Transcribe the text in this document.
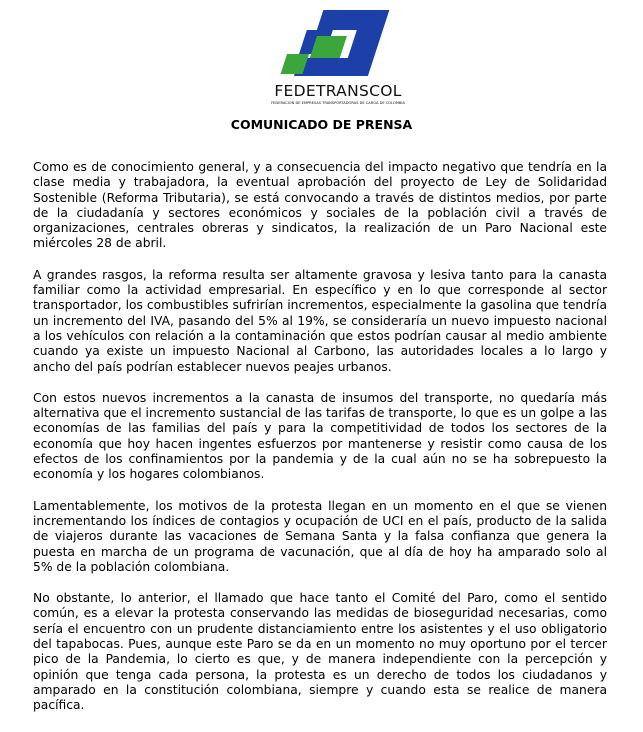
FEDETRANSCOL
FEDERACIÓN DE EMPRESAS TRANSPORTADORAS DE CARGA DE COLOMBIA
COMUNICADO DE PRENSA

Como es de conocimiento general, y a consecuencia del impacto negativo que tendría en la clase media y trabajadora, la eventual aprobación del proyecto de Ley de Solidaridad Sostenible (Reforma Tributaria), se está convocando a través de distintos medios, por parte de la ciudadanía y sectores económicos y sociales de la población civil a través de organizaciones, centrales obreras y sindicatos, la realización de un Paro Nacional este miércoles 28 de abril.

A grandes rasgos, la reforma resulta ser altamente gravosa y lesiva tanto para la canasta familiar como la actividad empresarial. En específico y en lo que corresponde al sector transportador, los combustibles sufrirían incrementos, especialmente la gasolina que tendría un incremento del IVA, pasando del 5% al 19%, se consideraría un nuevo impuesto nacional a los vehículos con relación a la contaminación que estos podrían causar al medio ambiente cuando ya existe un impuesto Nacional al Carbono, las autoridades locales a lo largo y ancho del país podrían establecer nuevos peajes urbanos.

Con estos nuevos incrementos a la canasta de insumos del transporte, no quedaría más alternativa que el incremento sustancial de las tarifas de transporte, lo que es un golpe a las economías de las familias del país y para la competitividad de todos los sectores de la economía que hoy hacen ingentes esfuerzos por mantenerse y resistir como causa de los efectos de los confinamientos por la pandemia y de la cual aún no se ha sobrepuesto la economía y los hogares colombianos.

Lamentablemente, los motivos de la protesta llegan en un momento en el que se vienen incrementando los índices de contagios y ocupación de UCI en el país, producto de la salida de viajeros durante las vacaciones de Semana Santa y la falsa confianza que genera la puesta en marcha de un programa de vacunación, que al día de hoy ha amparado solo al 5% de la población colombiana.

No obstante, lo anterior, el llamado que hace tanto el Comité del Paro, como el sentido común, es a elevar la protesta conservando las medidas de bioseguridad necesarias, como sería el encuentro con un prudente distanciamiento entre los asistentes y el uso obligatorio del tapabocas. Pues, aunque este Paro se da en un momento no muy oportuno por el tercer pico de la Pandemia, lo cierto es que, y de manera independiente con la percepción y opinión que tenga cada persona, la protesta es un derecho de todos los ciudadanos y amparado en la constitución colombiana, siempre y cuando esta se realice de manera pacífica.
